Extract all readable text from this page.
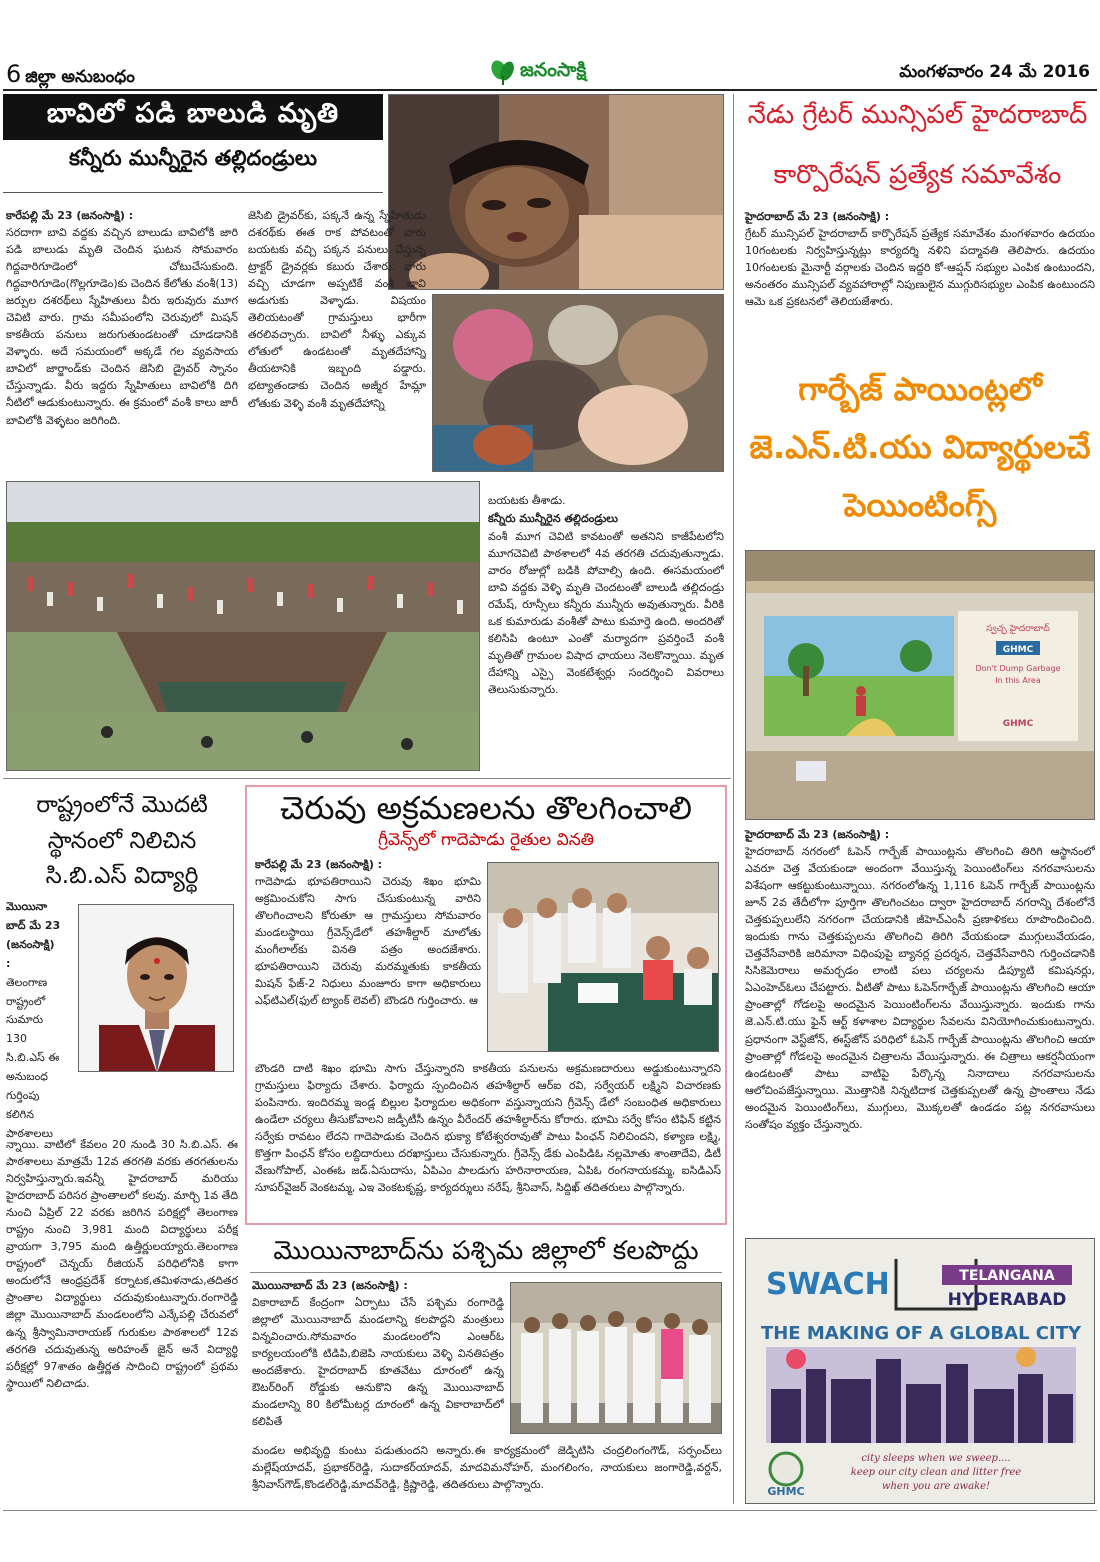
6 జిల్లా అనుబంధం	జనంసాక్షి	మంగళవారం 24 మే 2016
బావిలో పడి బాలుడి మృతి
కన్నీరు మున్నీరైన తల్లిదండ్రులు
కారేపల్లి మే 23 (జనంసాక్షి) :
సరదాగా బావి వద్దకు వచ్చిన బాలుడు బావిలోకి జారి పడి బాలుడు మృతి చెందిన ఘటన సోమవారం గిద్దవారిగూడెంలో చోటుచేసుకుంది. గిద్దవారిగూడెం(గొల్లగూడెం)కు చెందిన కేలోతు వంశీ(13) జర్పుల దశరథ్‌లు స్నేహితులు వీరు ఇరువురు మూగ చెవిటి వారు. గ్రామ సమీపంలోని చెరువులో మిషన్ కాకతీయ పనులు జరుగుతుండటంతో చూడడానికి వెళ్ళారు. అదే సమయంలో అక్కడే గల వ్యవసాయ బావిలో జార్జాండ్‌కు చెందిన జెసిబి డ్రైవర్ స్నానం చేస్తున్నాడు. వీరు ఇద్దరు స్నేహితులు బావిలోకి దిగి నీటిలో ఆడుకుంటున్నారు. ఈ క్రమంలో వంశీ కాలు జారీ బావిలోకి వెళ్ళటం జరిగింది.
జెసిబి డ్రైవర్‌కు, పక్కనే ఉన్న స్నేహితుడు దశరథ్‌కు ఈత రాక పోవటంతో వారు బయటకు వచ్చి పక్కన పనులు చేస్తున్న ట్రాక్టర్ డ్రైవర్లకు కబురు చేశారు. వారు వచ్చి చూడగా అప్పటికే వంశీ బావి అడుగుకు వెళ్ళాడు. విషయం తెలియటంతో గ్రామస్తులు భారీగా తరలివచ్చారు. బావిలో నీళ్ళు ఎక్కువ లోతులో ఉండటంతో మృతదేహాన్ని తీయటానికి ఇబ్బంది పడ్డారు. భట్యాతండాకు చెందిన అజ్మీర హేమ్లా లోతుకు వెళ్ళి వంశీ మృతదేహాన్ని
బయటకు తీశాడు.
కన్నీరు మున్నీరైన తల్లిదండ్రులు
వంశీ మూగ చెవిటి కావటంతో అతనిని కాజీపేటలోని మూగచెవిటి పాఠశాలలో 4వ తరగతి చదువుతున్నాడు. వారం రోజుల్లో బడికి పోవాల్సి ఉంది. ఈసమయంలో బావి వద్దకు వెళ్ళి మృతి చెందటంతో బాలుడి తల్లిదండ్రు రమేష్, రూన్సీలు కన్నీరు మున్నీరు అవుతున్నారు. వీరికి ఒక కుమారుడు వంశీతో పాటు కుమార్తె ఉంది. అందరితో కలిసిపి ఉంటూ ఎంతో మర్యాదగా ప్రవర్తించే వంశీ మృతితో గ్రామంల విషాద ఛాయలు నెలకొన్నాయి. మృత దేహాన్ని ఎస్సై వెంకటేశ్వర్లు సందర్శించి వివరాలు తెలుసుకున్నారు.
నేడు గ్రేటర్ మున్సిపల్ హైదరాబాద్
కార్పొరేషన్ ప్రత్యేక సమావేశం
హైదరాబాద్ మే 23 (జనంసాక్షి) :
గ్రేటర్ మున్సిపల్ హైదరాబాద్ కార్పొరేషన్ ప్రత్యేక సమావేశం మంగళవారం ఉదయం 10గంటలకు నిర్వహిస్తున్నట్లు కార్యదర్శి నళిని పద్మావతి తెలిపారు. ఉదయం 10గంటలకు మైనార్టీ వర్గాలకు చెందిన ఇద్దరి కో-ఆప్షన్ సభ్యుల ఎంపిక ఉంటుందని, అనంతరం మున్సిపల్ వ్యవహారాల్లో నిపుణులైన ముగ్గురిసభ్యుల ఎంపిక ఉంటుందని ఆమె ఒక ప్రకటనలో తెలియజేశారు.
గార్బేజ్ పాయింట్లలో
జె.ఎన్.టి.యు విద్యార్థులచే
పెయింటింగ్స్
స్వచ్ఛ హైదరాబాద్
GHMC
Don't Dump Garbage
In this Area
GHMC
హైదరాబాద్ మే 23 (జనంసాక్షి) :
హైదరాబాద్ నగరంలో ఓపెన్ గార్బేజ్ పాయింట్లను తొలగించి తిరిగి ఆస్థానంలో ఎవరూ చెత్త వేయకుండా అందంగా వేయిస్తున్న పెయింటింగ్‌లు నగరవాసులను విశేషంగా ఆకట్టుకుంటున్నాయి. నగరంలోఉన్న 1,116 ఓపెన్ గార్బేజ్ పాయింట్లను జూన్ 2వ తేదీలోగా పూర్తిగా తొలగించటం ద్వారా హైదరాబాద్ నగరాన్ని దేశంలోనే చెత్తకుప్పలులేని నగరంగా చేయడానికి జీహెచ్ఎంసీ ప్రణాళికలు రూపొందించింది. ఇందుకు గాను చెత్తకుప్పలను తొలగించి తిరిగి వేయకుండా ముగ్గులువేయడం, చెత్తవేసేవారికి జరిమానా విధింపుపై బ్యానర్ల ప్రదర్శన, చెత్తవేసేవారిని గుర్తించడానికి సిసికెమెరాలు అమర్చడం లాంటి పలు చర్యలను డిప్యూటి కమిషనర్లు, ఏఎంహెచ్ఓలు చేపట్టారు. వీటితో పాటు ఓపెన్‌గార్బేజ్ పాయింట్లను తొలగించి ఆయా ప్రాంతాల్లో గోడలపై అందమైన పెయింటింగ్‌లను వేయిస్తున్నారు. ఇందుకు గాను జె.ఎన్.టి.యు ఫైన్ ఆర్ట్ కళాశాల విద్యార్థుల సేవలను వినియోగించుకుంటున్నారు. ప్రధానంగా వెస్ట్‌జోన్, ఈస్ట్‌జోన్ పరిధిలో ఓపెన్ గార్బేజ్ పాయింట్లను తొలగించి ఆయా ప్రాంతాల్లో గోడలపై అందమైన చిత్రాలను వేయిస్తున్నారు. ఈ చిత్రాలు ఆకర్షనీయంగా ఉండటంతో పాటు వాటిపై పేర్కొన్న నినాదాలు నగరవాసులను ఆలోచింపజేస్తున్నాయి. మొత్తానికి నిన్నటిదాక చెత్తకుప్పలతో ఉన్న ప్రాంతాలు నేడు అందమైన పెయింటింగ్‌లు, ముగ్గులు, మొక్కలతో ఉండడం పట్ల నగరవాసులు సంతోషం వ్యక్తం చేస్తున్నారు.
SWACH	TELANGANA
HYDERABAD
THE MAKING OF A GLOBAL CITY
GHMC
city sleeps when we sweep....
keep our city clean and litter free
when you are awake!
రాష్ట్రంలోనే మొదటి
స్థానంలో నిలిచిన
సి.బి.ఎస్ విద్యార్థి
మొయినా
బాద్ మే 23
(జనంసాక్షి)
:
తెలంగాణ
రాష్ట్రంలో
సుమారు
130
సి.బి.ఎస్ ఈ
అనుబంధ
గుర్తింపు
కలిగిన
పాఠశాలలు
న్నాయి. వాటిలో కేవలం 20 నుండి 30 సి.బి.ఎస్. ఈ పాఠశాలలు మాత్రమే 12వ తరగతి వరకు తరగతులను నిర్వహిస్తున్నారు.ఇవన్నీ హైదరాబాద్ మరియు హైదరాబాద్ పరిసర ప్రాంతాలలో కలవు. మార్చి 1వ తేది నుంచి ఏప్రిల్ 22 వరకు జరిగిన పరిక్షల్లో తెలంగాణ రాష్ట్రం నుంచి 3,981 మంది విద్యార్థులు పరీక్ష వ్రాయగా 3,795 మంది ఉత్తీర్ణులయ్యారు.తెలంగాణ రాష్ట్రంలో చెన్నయ్ రీజియన్ పరిధిలోనికి కాగా అందులోనే ఆంధ్రప్రదేశ్ కర్నాటక,తమిళనాడు,తదితర ప్రాంతాల విద్యార్థులు చదువుకుంటున్నారు.రంగారెడ్డి జిల్లా మొయినాబాద్ మండలంలోని ఎన్కేపల్లి చేరువలో ఉన్న శ్రీస్వామినారాయణ్ గురుకుల పాఠశాలలో 12వ తరగతి చదువుతున్న అరిహంత్ జైన్ అనే విద్యార్థి పరీక్షల్లో 97శాతం ఉత్తీర్ణత సాదించి రాష్ట్రంలో ప్రథమ స్థాయిలో నిలిచాడు.
చెరువు అక్రమణలను తొలగించాలి
గ్రీవెన్స్‌లో గాదెపాడు రైతుల వినతి
కారేపల్లి మే 23 (జనంసాక్షి) :
గాదెపాడు భూపతిరాయిని చెరువు శిఖం భూమి అక్రమించుకోని సాగు చేసుకుంటున్న వారిని తొలగించాలని కోరుతూ ఆ గ్రామస్తులు సోమవారం మండలస్థాయి గ్రీవెన్స్‌డేలో తహశీల్దార్ మాలోతు మంగీలాల్‌కు వినతి పత్రం అందజేశారు. భూపతిరాయిని చెరువు మరమ్మతుకు కాకతీయ మిషన్ ఫేజ్-2 నిధులు మంజూరు కాగా అధికారులు ఎఫ్‌టిఎల్(ఫుల్ ట్యాంక్ లెవల్) బౌండరి గుర్తించారు. ఆ
బౌండరి దాటి శిఖం భూమి సాగు చేస్తున్నారని కాకతీయ పనులను అక్రమణదారులు అడ్డుకుంటున్నారని గ్రామస్తులు ఫిర్యాదు చేశారు. ఫిర్యాదు స్పందించిన తహశీల్దార్ ఆర్‌ఐ రవి, సర్వేయర్ లక్ష్మిని విచారణకు పంపినారు. ఇందిరమ్మ ఇండ్ల బిల్లుల ఫిర్యాదుల అధికంగా వస్తున్నాయని గ్రీవెన్స్ డేలో సంబంధిత అధికారులు ఉండేలా చర్యలు తీసుకోవాలని జడ్పీటీసీ ఉన్నం వీరేందర్ తహశీల్దార్‌ను కోరారు. భూమి సర్వే కోసం టిఫిన్ కట్టిన సర్వేకు రావటం లేదని గాదెపాడుకు చెందిన భుక్యా కోటేశ్వరరావుతో పాటు పింఛన్ నిలిచిందని, కళ్యాణ లక్ష్మి, కొత్తగా పింఛన్ కోసం లబ్దిదారులు దరఖాస్తులు చేసుకున్నారు. గ్రీవెన్స్ డేకు ఎంపిడిఓ నల్లమోతు శాంతాదేవి, డిటీ వేణుగోపాల్, ఎంఈఓ జడ్.ఏసుదాసు, ఏపిఎం పాలడుగు హరినారాయణ, ఏపిఓ రంగనాయకమ్మ, ఐసిడిఎస్ సూపర్‌వైజర్ వెంకటమ్మ, ఎఇ వెంకటకృష్ణ, కార్యదర్శులు నరేష్, శ్రీనివాస్, సిద్దిఖ్ తదితరులు పాల్గొన్నారు.
మొయినాబాద్‌ను పశ్చిమ జిల్లాలో కలపొద్దు
మొయినాబాద్ మే 23 (జనంసాక్షి) :
వికారాబాద్ కేంద్రంగా ఏర్పాటు చేసే పశ్చిమ రంగారెడ్డి జిల్లాలో మొయినాబాద్ మండలాన్ని కలపొద్దని మంత్రులు విన్నవించారు.సోమవారం మండలంలోని ఎంఆర్ఓ కార్యలయంలోకి టిడిపి,బిజెపి నాయకులు వెళ్ళి వినతిపత్రం అందజేశారు. హైదరాబాద్ కూతవేటు దూరంలో ఉన్న ఔటర్‌రింగ్ రోడ్డుకు ఆనుకొని ఉన్న మొయినాబాద్ మండలాన్ని 80 కిలోమీటర్ల దూరంలో ఉన్న వికారాబాద్‌లో కలిపితే
మండల అభివృద్ది కుంటు పడుతుందని అన్నారు.ఈ కార్యక్రమంలో జెడ్పిటిసి చంద్రలింగంగౌడ్, సర్పంచ్‌లు మల్లేష్‌యాదవ్, ప్రభాకర్‌రెడ్డి, సుదాకర్‌యాదవ్, మాదవిమనోహర్, మంగలింగం, నాయకులు జంగారెడ్డి,వర్దన్, శ్రీనివాస్‌గౌడ్,కొండల్‌రెడ్డి,మాదవ్‌రెడ్డి, క్రిష్ణారెడ్డి, తదితరులు పాల్గొన్నారు.
